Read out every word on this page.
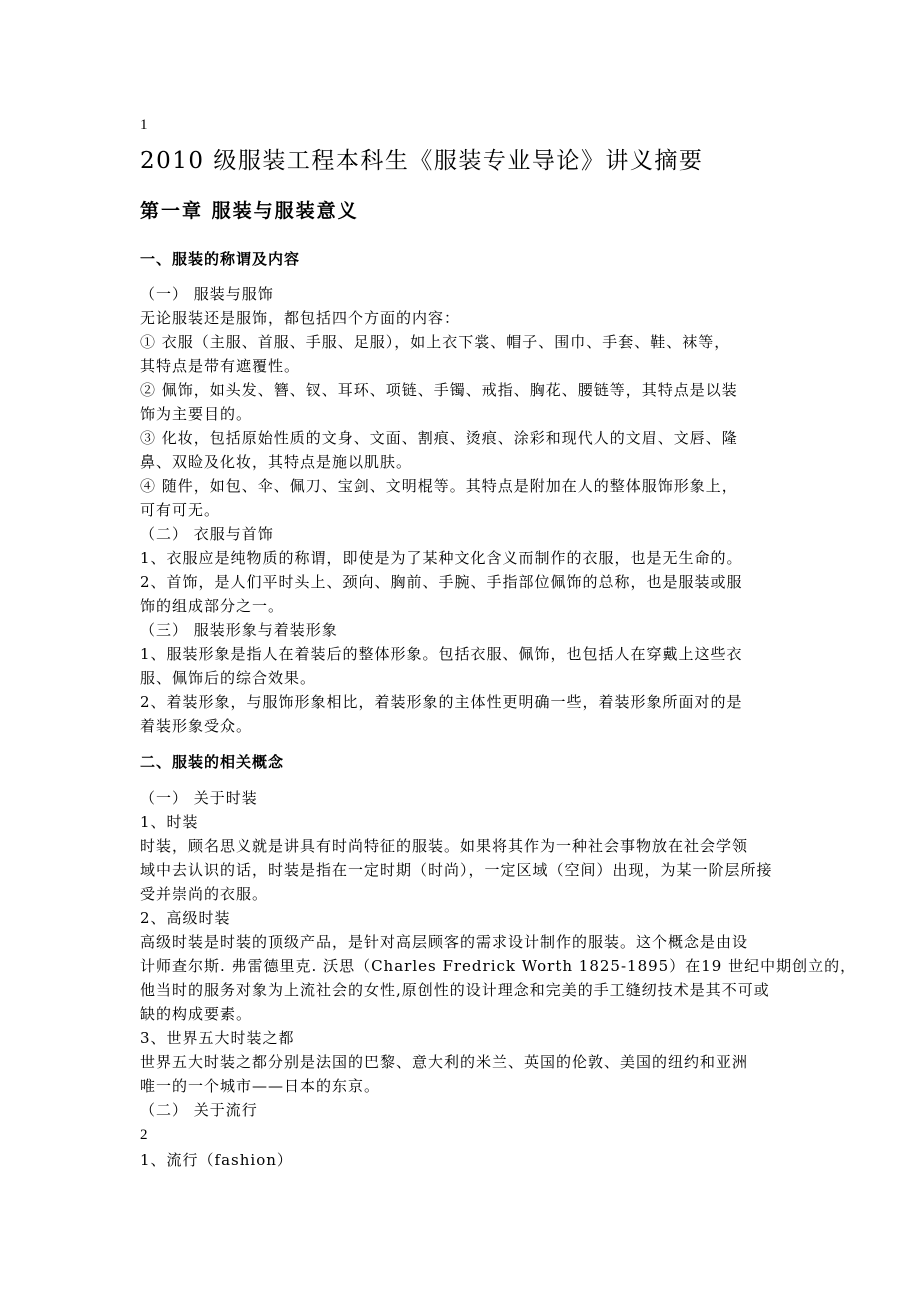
1
2010 级服装工程本科生《服装专业导论》讲义摘要
第一章 服装与服装意义
一、服装的称谓及内容
（一） 服装与服饰
无论服装还是服饰，都包括四个方面的内容：
① 衣服（主服、首服、手服、足服），如上衣下裳、帽子、围巾、手套、鞋、袜等，
其特点是带有遮覆性。
② 佩饰，如头发、簪、钗、耳环、项链、手镯、戒指、胸花、腰链等，其特点是以装
饰为主要目的。
③ 化妆，包括原始性质的文身、文面、割痕、烫痕、涂彩和现代人的文眉、文唇、隆
鼻、双睑及化妆，其特点是施以肌肤。
④ 随件，如包、伞、佩刀、宝剑、文明棍等。其特点是附加在人的整体服饰形象上，
可有可无。
（二） 衣服与首饰
1、衣服应是纯物质的称谓，即使是为了某种文化含义而制作的衣服，也是无生命的。
2、首饰，是人们平时头上、颈向、胸前、手腕、手指部位佩饰的总称，也是服装或服
饰的组成部分之一。
（三） 服装形象与着装形象
1、服装形象是指人在着装后的整体形象。包括衣服、佩饰，也包括人在穿戴上这些衣
服、佩饰后的综合效果。
2、着装形象，与服饰形象相比，着装形象的主体性更明确一些，着装形象所面对的是
着装形象受众。
二、服装的相关概念
（一） 关于时装
1、时装
时装，顾名思义就是讲具有时尚特征的服装。如果将其作为一种社会事物放在社会学领
域中去认识的话，时装是指在一定时期（时尚），一定区域（空间）出现，为某一阶层所接
受并崇尚的衣服。
2、高级时装
高级时装是时装的顶级产品，是针对高层顾客的需求设计制作的服装。这个概念是由设
计师查尔斯. 弗雷德里克. 沃思（Charles Fredrick Worth 1825-1895）在19 世纪中期创立的，
他当时的服务对象为上流社会的女性,原创性的设计理念和完美的手工缝纫技术是其不可或
缺的构成要素。
3、世界五大时装之都
世界五大时装之都分别是法国的巴黎、意大利的米兰、英国的伦敦、美国的纽约和亚洲
唯一的一个城市——日本的东京。
（二） 关于流行
2
1、流行（fashion）
